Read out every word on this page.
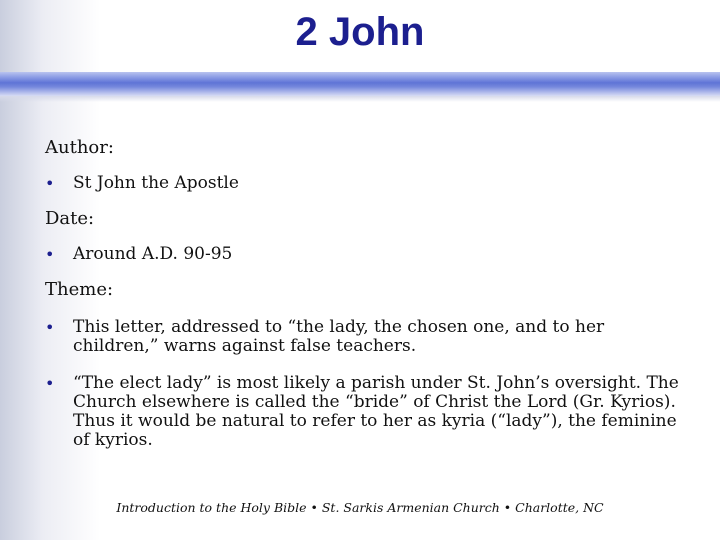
2 John

Author:

• St John the Apostle

Date:

• Around A.D. 90-95

Theme:

• This letter, addressed to “the lady, the chosen one, and to her children,” warns against false teachers.
• “The elect lady” is most likely a parish under St. John’s oversight. The Church elsewhere is called the “bride” of Christ the Lord (Gr. Kyrios). Thus it would be natural to refer to her as kyria (“lady”), the feminine of kyrios.
Introduction to the Holy Bible • St. Sarkis Armenian Church • Charlotte, NC
